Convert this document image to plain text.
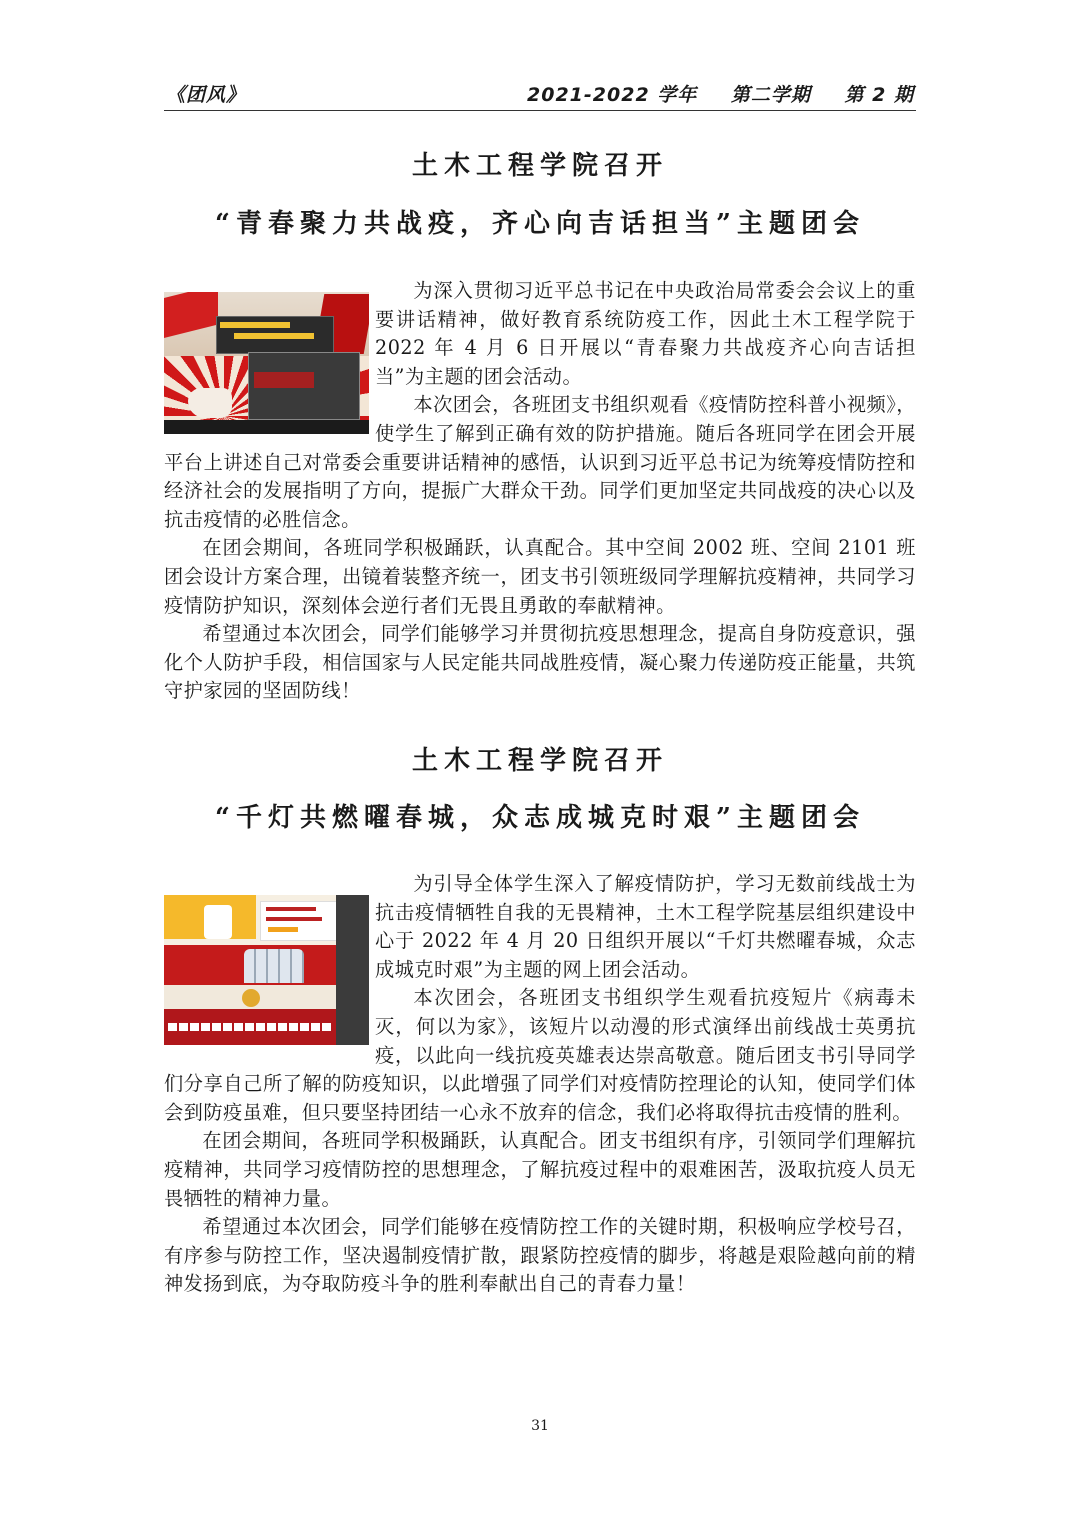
《团风》	2021-2022 学年 第二学期 第 2 期
土木工程学院召开
“青春聚力共战疫，齐心向吉话担当”主题团会

为深入贯彻习近平总书记在中央政治局常委会会议上的重要讲话精神，做好教育系统防疫工作，因此土木工程学院于 2022 年 4 月 6 日开展以“青春聚力共战疫齐心向吉话担当”为主题的团会活动。

本次团会，各班团支书组织观看《疫情防控科普小视频》，使学生了解到正确有效的防护措施。随后各班同学在团会开展平台上讲述自己对常委会重要讲话精神的感悟，认识到习近平总书记为统筹疫情防控和经济社会的发展指明了方向，提振广大群众干劲。同学们更加坚定共同战疫的决心以及抗击疫情的必胜信念。

在团会期间，各班同学积极踊跃，认真配合。其中空间 2002 班、空间 2101 班团会设计方案合理，出镜着装整齐统一，团支书引领班级同学理解抗疫精神，共同学习疫情防护知识，深刻体会逆行者们无畏且勇敢的奉献精神。

希望通过本次团会，同学们能够学习并贯彻抗疫思想理念，提高自身防疫意识，强化个人防护手段，相信国家与人民定能共同战胜疫情，凝心聚力传递防疫正能量，共筑守护家园的坚固防线！

土木工程学院召开
“千灯共燃曜春城，众志成城克时艰”主题团会

为引导全体学生深入了解疫情防护，学习无数前线战士为抗击疫情牺牲自我的无畏精神，土木工程学院基层组织建设中心于 2022 年 4 月 20 日组织开展以“千灯共燃曜春城，众志成城克时艰”为主题的网上团会活动。

本次团会，各班团支书组织学生观看抗疫短片《病毒未灭，何以为家》，该短片以动漫的形式演绎出前线战士英勇抗疫，以此向一线抗疫英雄表达崇高敬意。随后团支书引导同学们分享自己所了解的防疫知识，以此增强了同学们对疫情防控理论的认知，使同学们体会到防疫虽难，但只要坚持团结一心永不放弃的信念，我们必将取得抗击疫情的胜利。

在团会期间，各班同学积极踊跃，认真配合。团支书组织有序，引领同学们理解抗疫精神，共同学习疫情防控的思想理念，了解抗疫过程中的艰难困苦，汲取抗疫人员无畏牺牲的精神力量。

希望通过本次团会，同学们能够在疫情防控工作的关键时期，积极响应学校号召，有序参与防控工作，坚决遏制疫情扩散，跟紧防控疫情的脚步，将越是艰险越向前的精神发扬到底，为夺取防疫斗争的胜利奉献出自己的青春力量！

31
